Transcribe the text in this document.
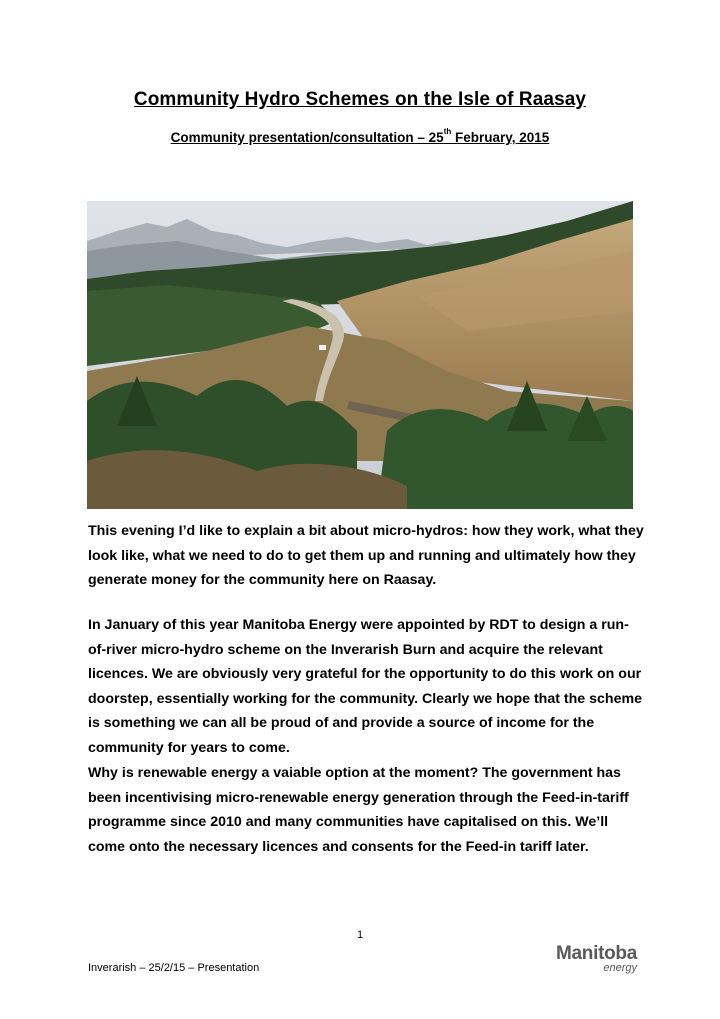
Community Hydro Schemes on the Isle of Raasay
Community presentation/consultation – 25th February, 2015

This evening I’d like to explain a bit about micro-hydros: how they work, what they look like, what we need to do to get them up and running and ultimately how they generate money for the community here on Raasay.

In January of this year Manitoba Energy were appointed by RDT to design a run-of-river micro-hydro scheme on the Inverarish Burn and acquire the relevant licences. We are obviously very grateful for the opportunity to do this work on our doorstep, essentially working for the community. Clearly we hope that the scheme is something we can all be proud of and provide a source of income for the community for years to come.

Why is renewable energy a vaiable option at the moment? The government has been incentivising micro-renewable energy generation through the Feed-in-tariff programme since 2010 and many communities have capitalised on this. We’ll come onto the necessary licences and consents for the Feed-in tariff later.

1
Inverarish – 25/2/15 – Presentation
Manitoba
energy
